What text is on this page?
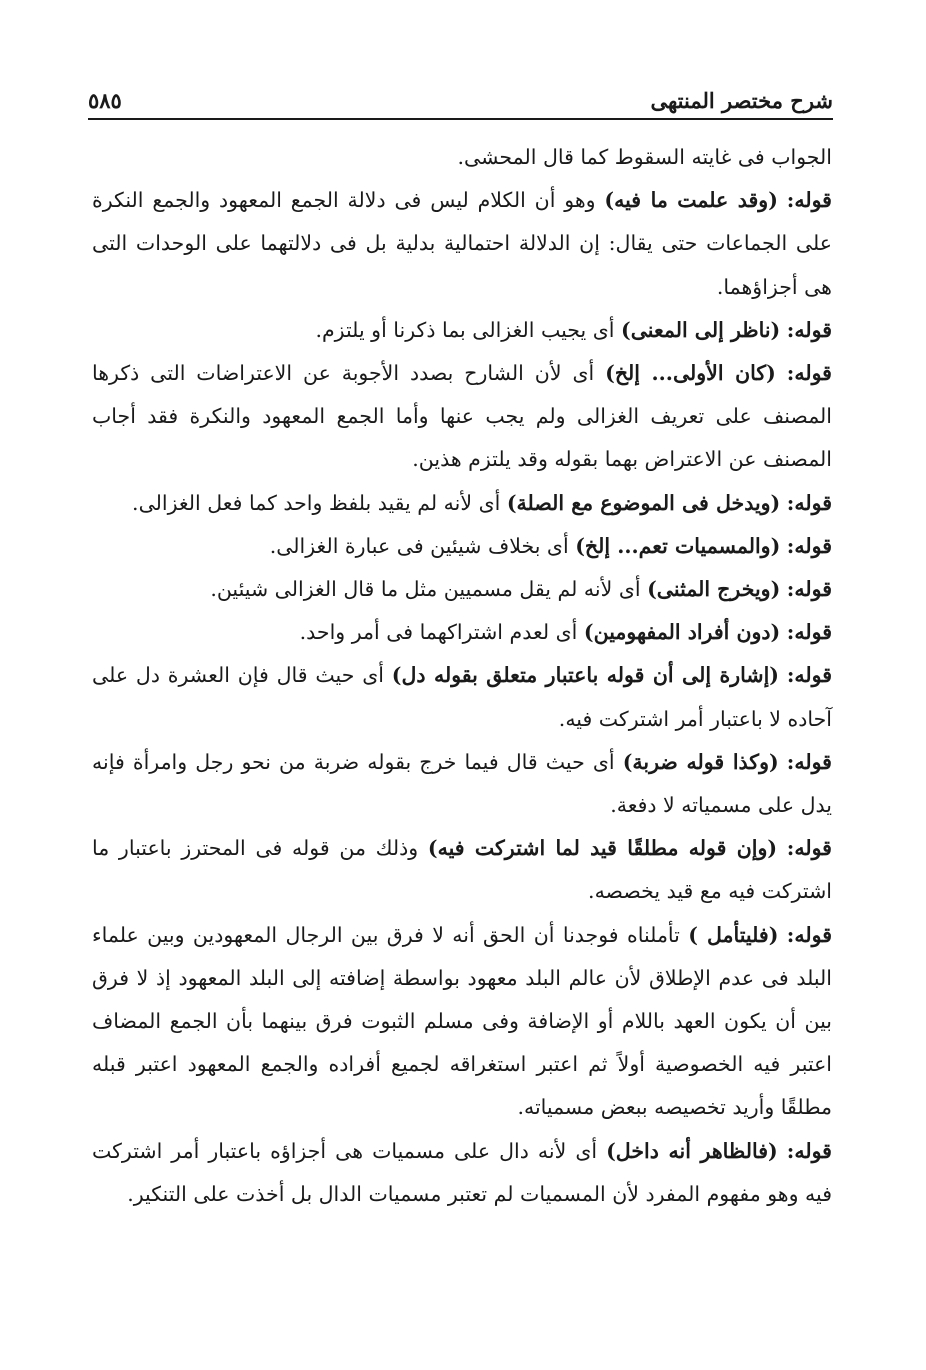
شرح مختصر المنتهى
٥٨٥

الجواب فى غايته السقوط كما قال المحشى.

قوله: (وقد علمت ما فيه) وهو أن الكلام ليس فى دلالة الجمع المعهود والجمع النكرة على الجماعات حتى يقال: إن الدلالة احتمالية بدلية بل فى دلالتهما على الوحدات التى هى أجزاؤهما.

قوله: (ناظر إلى المعنى) أى يجيب الغزالى بما ذكرنا أو يلتزم.

قوله: (كان الأولى... إلخ) أى لأن الشارح بصدد الأجوبة عن الاعتراضات التى ذكرها المصنف على تعريف الغزالى ولم يجب عنها وأما الجمع المعهود والنكرة فقد أجاب المصنف عن الاعتراض بهما بقوله وقد يلتزم هذين.

قوله: (ويدخل فى الموضوع مع الصلة) أى لأنه لم يقيد بلفظ واحد كما فعل الغزالى.

قوله: (والمسميات تعم... إلخ) أى بخلاف شيئين فى عبارة الغزالى.

قوله: (ويخرج المثنى) أى لأنه لم يقل مسميين مثل ما قال الغزالى شيئين.

قوله: (دون أفراد المفهومين) أى لعدم اشتراكهما فى أمر واحد.

قوله: (إشارة إلى أن قوله باعتبار متعلق بقوله دل) أى حيث قال فإن العشرة دل على آحاده لا باعتبار أمر اشتركت فيه.

قوله: (وكذا قوله ضربة) أى حيث قال فيما خرج بقوله ضربة من نحو رجل وامرأة فإنه يدل على مسمياته لا دفعة.

قوله: (وإن قوله مطلقًا قيد لما اشتركت فيه) وذلك من قوله فى المحترز باعتبار ما اشتركت فيه مع قيد يخصصه.

قوله: (فليتأمل ) تأملناه فوجدنا أن الحق أنه لا فرق بين الرجال المعهودين وبين علماء البلد فى عدم الإطلاق لأن عالم البلد معهود بواسطة إضافته إلى البلد المعهود إذ لا فرق بين أن يكون العهد باللام أو الإضافة وفى مسلم الثبوت فرق بينهما بأن الجمع المضاف اعتبر فيه الخصوصية أولاً ثم اعتبر استغراقه لجميع أفراده والجمع المعهود اعتبر قبله مطلقًا وأريد تخصيصه ببعض مسمياته.

قوله: (فالظاهر أنه داخل) أى لأنه دال على مسميات هى أجزاؤه باعتبار أمر اشتركت فيه وهو مفهوم المفرد لأن المسميات لم تعتبر مسميات الدال بل أخذت على التنكير.
